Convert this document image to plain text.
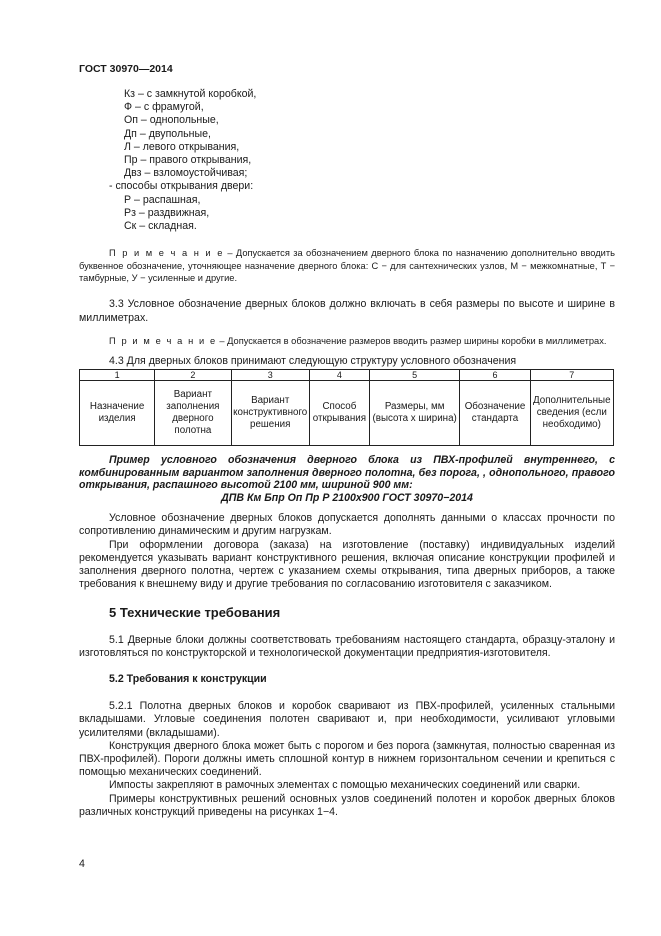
ГОСТ 30970—2014
Кз – с замкнутой коробкой,
Ф – с фрамугой,
Оп – однопольные,
Дп – двупольные,
Л – левого открывания,
Пр – правого открывания,
Двз – взломоустойчивая;
- способы открывания двери:
Р – распашная,
Рз – раздвижная,
Ск – складная.
П р и м е ч а н и е – Допускается за обозначением дверного блока по назначению дополнительно вводить буквенное обозначение, уточняющее назначение дверного блока: С − для сантехнических узлов, М − межкомнатные, Т − тамбурные, У − усиленные и другие.
3.3 Условное обозначение дверных блоков должно включать в себя размеры по высоте и ширине в миллиметрах.
П р и м е ч а н и е – Допускается в обозначение размеров вводить размер ширины коробки в миллиметрах.
4.3 Для дверных блоков принимают следующую структуру условного обозначения
1	2	3	4	5	6	7
Назначение изделия	Вариант заполнения дверного полотна	Вариант конструктивного решения	Способ открывания	Размеры, мм (высота х ширина)	Обозначение стандарта	Дополнительные сведения (если необходимо)
Пример условного обозначения дверного блока из ПВХ-профилей внутреннего, с комбинированным вариантом заполнения дверного полотна, без порога, , однопольного, правого открывания, распашного высотой 2100 мм, шириной 900 мм:
ДПВ Км Бпр Оп Пр Р 2100х900 ГОСТ 30970−2014
Условное обозначение дверных блоков допускается дополнять данными о классах прочности по сопротивлению динамическим и другим нагрузкам.
При оформлении договора (заказа) на изготовление (поставку) индивидуальных изделий рекомендуется указывать вариант конструктивного решения, включая описание конструкции профилей и заполнения дверного полотна, чертеж с указанием схемы открывания, типа дверных приборов, а также требования к внешнему виду и другие требования по согласованию изготовителя с заказчиком.
5 Технические требования
5.1 Дверные блоки должны соответствовать требованиям настоящего стандарта, образцу-эталону и изготовляться по конструкторской и технологической документации предприятия-изготовителя.
5.2 Требования к конструкции
5.2.1 Полотна дверных блоков и коробок сваривают из ПВХ-профилей, усиленных стальными вкладышами. Угловые соединения полотен сваривают и, при необходимости, усиливают угловыми усилителями (вкладышами).
Конструкция дверного блока может быть с порогом и без порога (замкнутая, полностью сваренная из ПВХ-профилей). Пороги должны иметь сплошной контур в нижнем горизонтальном сечении и крепиться с помощью механических соединений.
Импосты закрепляют в рамочных элементах с помощью механических соединений или сварки.
Примеры конструктивных решений основных узлов соединений полотен и коробок дверных блоков различных конструкций приведены на рисунках 1−4.
4
